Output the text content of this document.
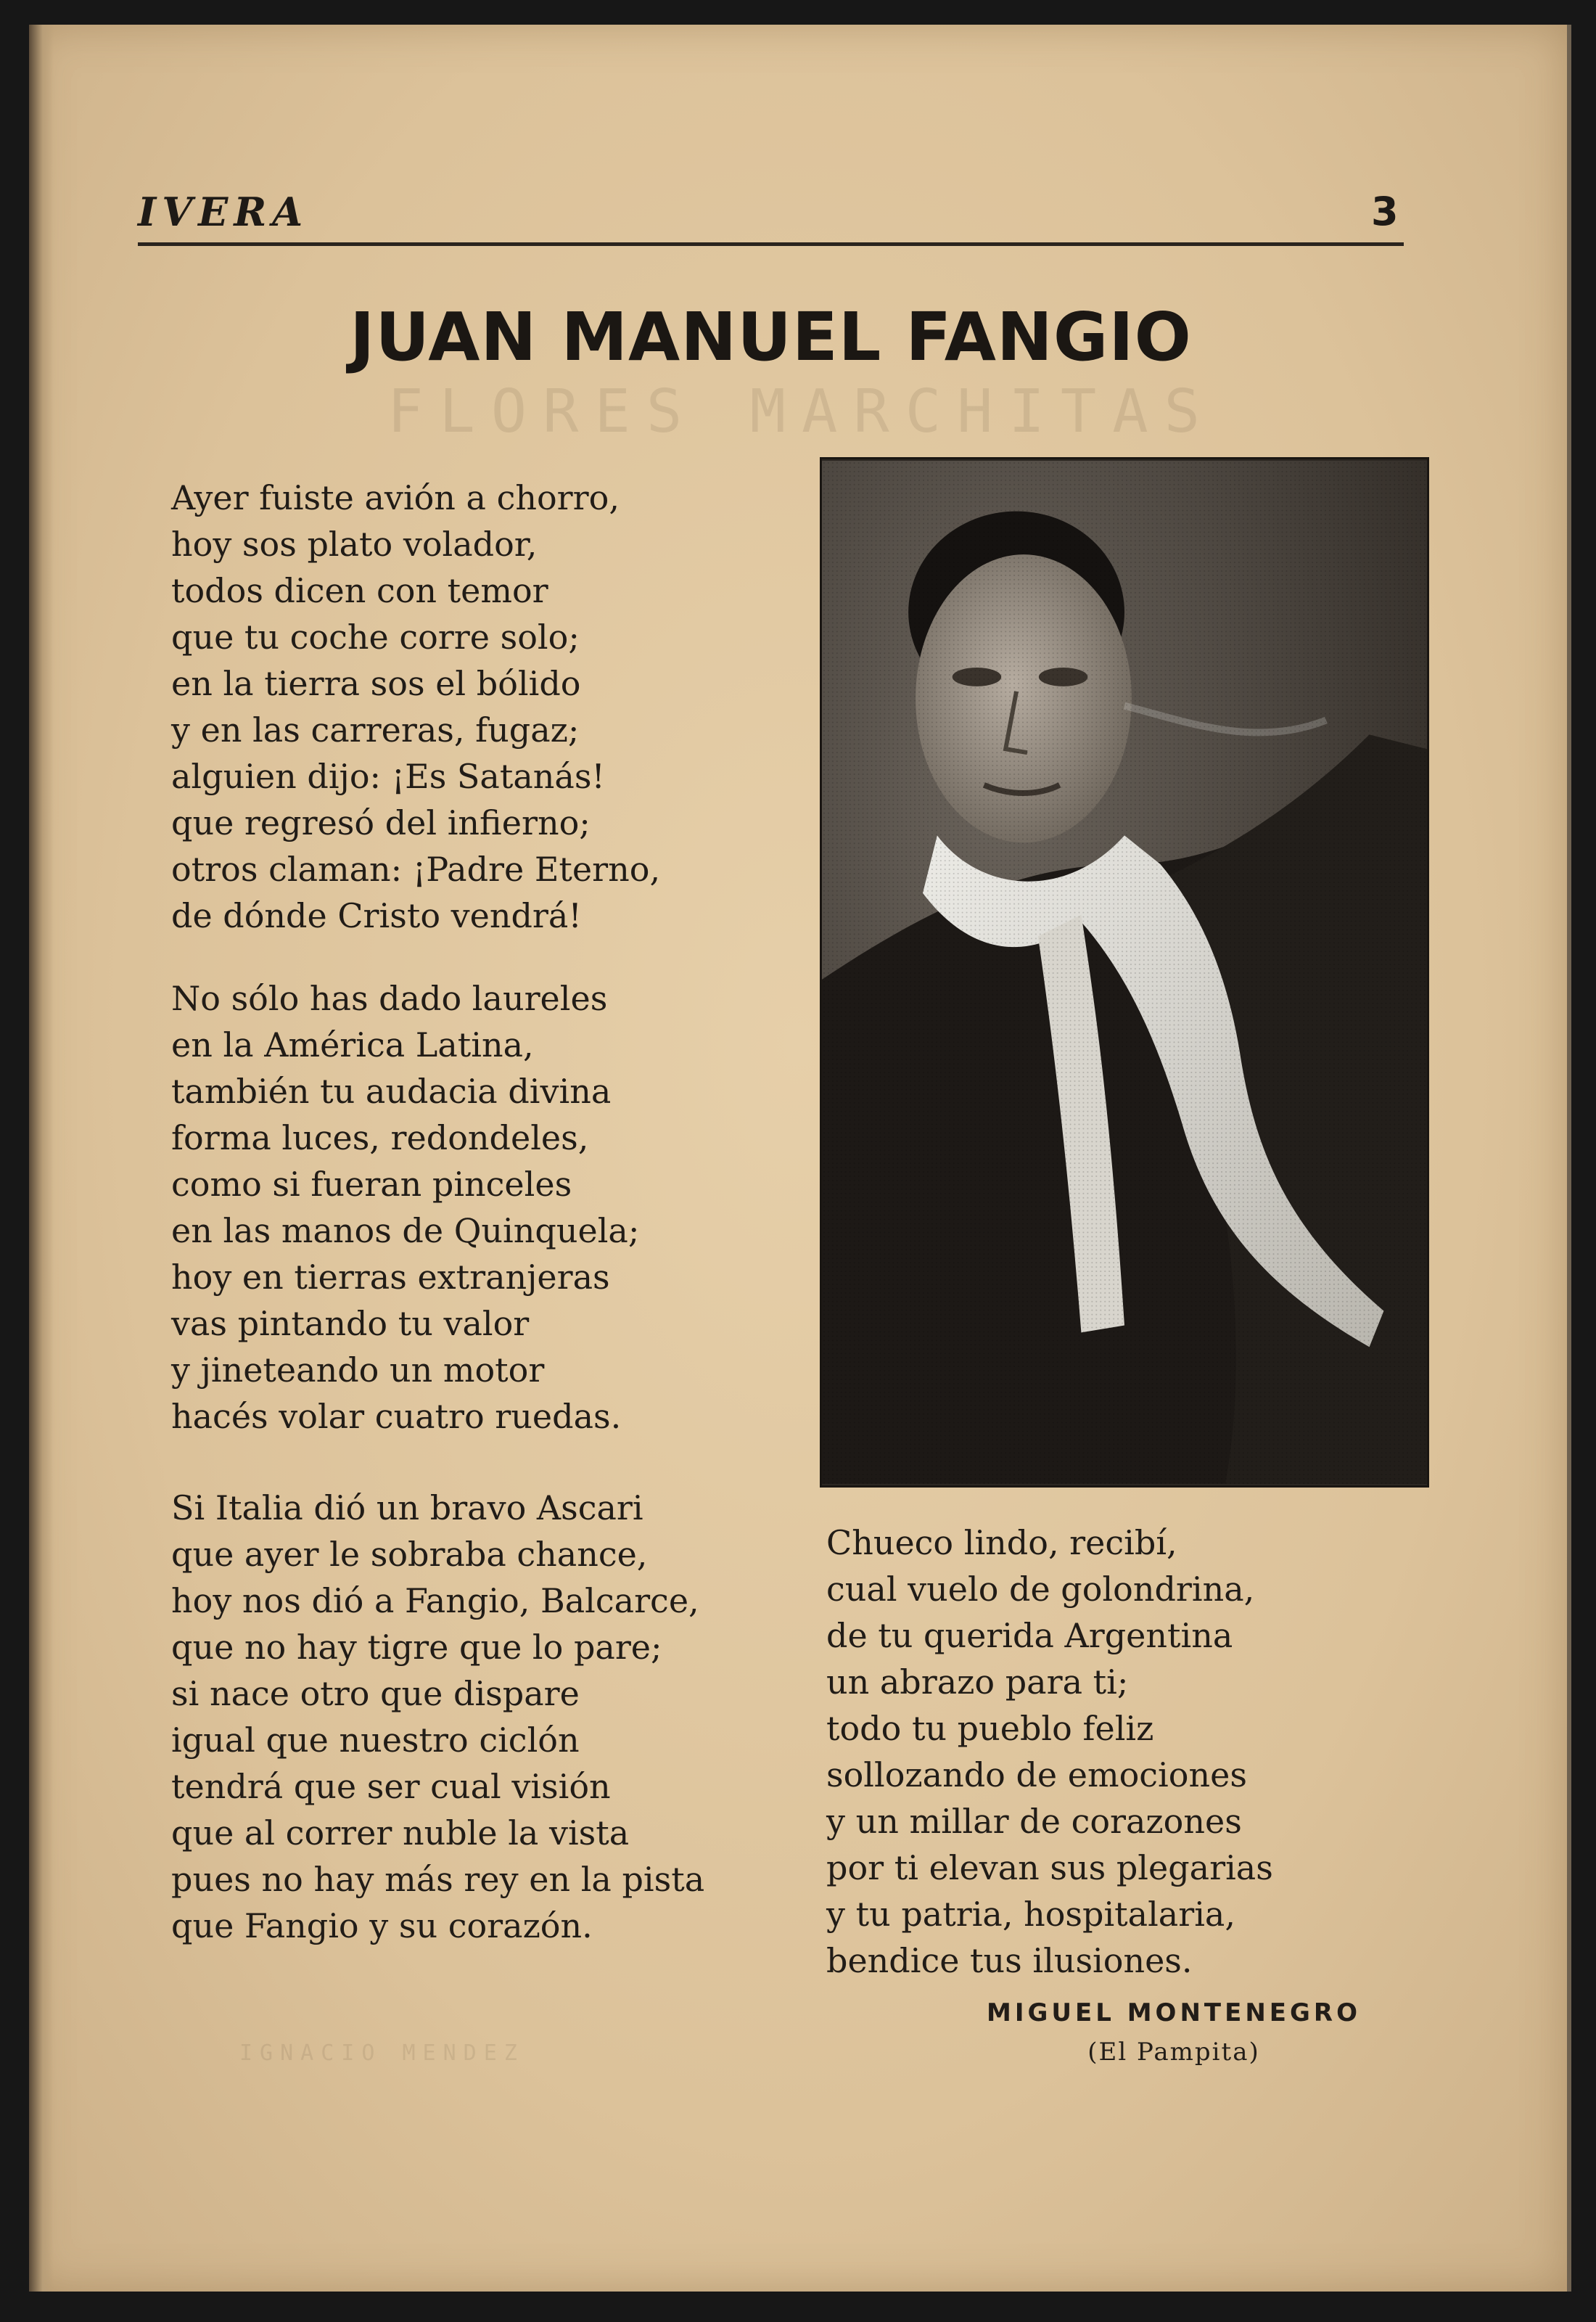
FLORES MARCHITAS
IVERA	3
JUAN MANUEL FANGIO
Ayer fuiste avión a chorro,
hoy sos plato volador,
todos dicen con temor
que tu coche corre solo;
en la tierra sos el bólido
y en las carreras, fugaz;
alguien dijo: ¡Es Satanás!
que regresó del infierno;
otros claman: ¡Padre Eterno,
de dónde Cristo vendrá!
No sólo has dado laureles
en la América Latina,
también tu audacia divina
forma luces, redondeles,
como si fueran pinceles
en las manos de Quinquela;
hoy en tierras extranjeras
vas pintando tu valor
y jineteando un motor
hacés volar cuatro ruedas.
Si Italia dió un bravo Ascari
que ayer le sobraba chance,
hoy nos dió a Fangio, Balcarce,
que no hay tigre que lo pare;
si nace otro que dispare
igual que nuestro ciclón
tendrá que ser cual visión
que al correr nuble la vista
pues no hay más rey en la pista
que Fangio y su corazón.
Chueco lindo, recibí,
cual vuelo de golondrina,
de tu querida Argentina
un abrazo para ti;
todo tu pueblo feliz
sollozando de emociones
y un millar de corazones
por ti elevan sus plegarias
y tu patria, hospitalaria,
bendice tus ilusiones.
MIGUEL MONTENEGRO
(El Pampita)
IGNACIO MENDEZ
